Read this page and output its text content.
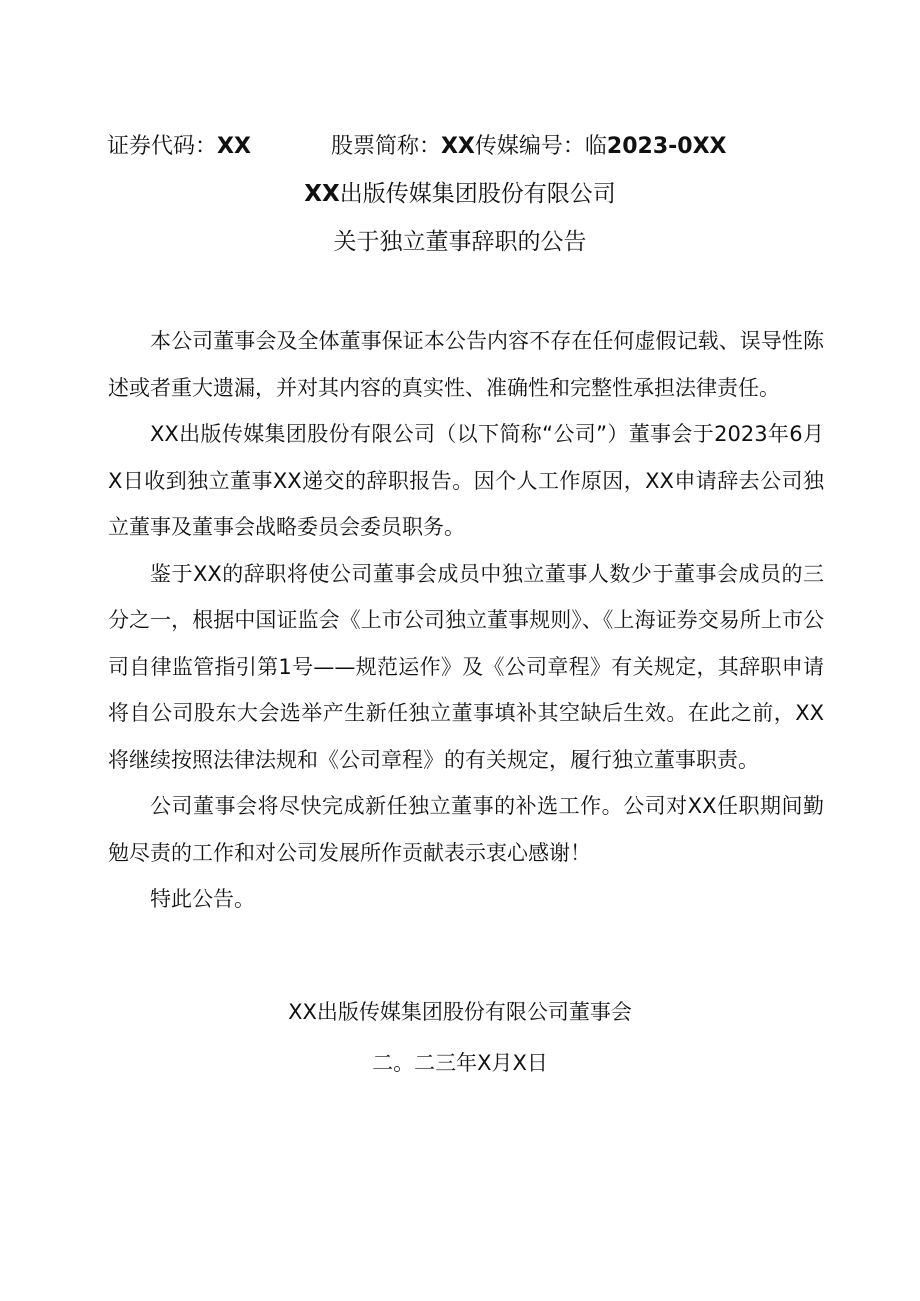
证券代码：XX	股票简称：XX传媒编号：临2023-0XX
XX出版传媒集团股份有限公司
关于独立董事辞职的公告

本公司董事会及全体董事保证本公告内容不存在任何虚假记载、误导性陈述或者重大遗漏，并对其内容的真实性、准确性和完整性承担法律责任。

XX出版传媒集团股份有限公司（以下简称“公司”）董事会于2023年6月X日收到独立董事XX递交的辞职报告。因个人工作原因，XX申请辞去公司独立董事及董事会战略委员会委员职务。

鉴于XX的辞职将使公司董事会成员中独立董事人数少于董事会成员的三分之一，根据中国证监会《上市公司独立董事规则》、《上海证券交易所上市公司自律监管指引第1号——规范运作》及《公司章程》有关规定，其辞职申请将自公司股东大会选举产生新任独立董事填补其空缺后生效。在此之前，XX将继续按照法律法规和《公司章程》的有关规定，履行独立董事职责。

公司董事会将尽快完成新任独立董事的补选工作。公司对XX任职期间勤勉尽责的工作和对公司发展所作贡献表示衷心感谢！

特此公告。

XX出版传媒集团股份有限公司董事会
二。二三年X月X日
